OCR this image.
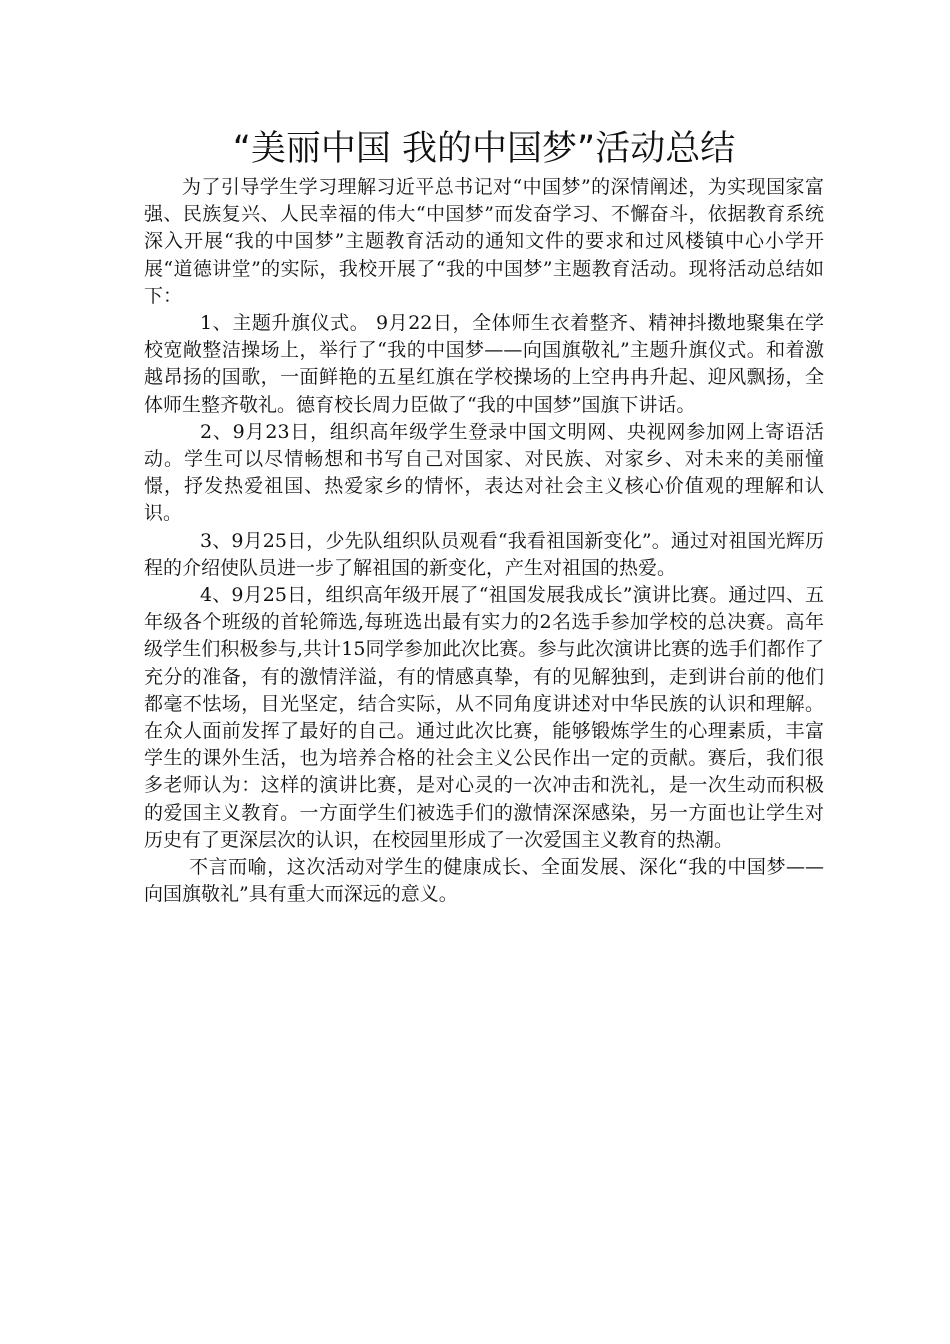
“美丽中国 我的中国梦”活动总结

为了引导学生学习理解习近平总书记对“中国梦”的深情阐述，为实现国家富强、民族复兴、人民幸福的伟大“中国梦”而发奋学习、不懈奋斗，依据教育系统深入开展“我的中国梦”主题教育活动的通知文件的要求和过风楼镇中心小学开展“道德讲堂”的实际，我校开展了“我的中国梦”主题教育活动。现将活动总结如下：

1、主题升旗仪式。 9月22日，全体师生衣着整齐、精神抖擞地聚集在学校宽敞整洁操场上，举行了“我的中国梦——向国旗敬礼”主题升旗仪式。和着激越昂扬的国歌，一面鲜艳的五星红旗在学校操场的上空冉冉升起、迎风飘扬，全体师生整齐敬礼。德育校长周力臣做了“我的中国梦”国旗下讲话。

2、9月23日，组织高年级学生登录中国文明网、央视网参加网上寄语活动。学生可以尽情畅想和书写自己对国家、对民族、对家乡、对未来的美丽憧憬，抒发热爱祖国、热爱家乡的情怀，表达对社会主义核心价值观的理解和认识。

3、9月25日，少先队组织队员观看“我看祖国新变化”。通过对祖国光辉历程的介绍使队员进一步了解祖国的新变化，产生对祖国的热爱。

4、9月25日，组织高年级开展了“祖国发展我成长”演讲比赛。通过四、五年级各个班级的首轮筛选,每班选出最有实力的2名选手参加学校的总决赛。高年级学生们积极参与,共计15同学参加此次比赛。参与此次演讲比赛的选手们都作了充分的准备，有的激情洋溢，有的情感真挚，有的见解独到，走到讲台前的他们都毫不怯场，目光坚定，结合实际，从不同角度讲述对中华民族的认识和理解。在众人面前发挥了最好的自己。通过此次比赛，能够锻炼学生的心理素质，丰富学生的课外生活，也为培养合格的社会主义公民作出一定的贡献。赛后，我们很多老师认为：这样的演讲比赛，是对心灵的一次冲击和洗礼，是一次生动而积极的爱国主义教育。一方面学生们被选手们的激情深深感染，另一方面也让学生对历史有了更深层次的认识，在校园里形成了一次爱国主义教育的热潮。

不言而喻，这次活动对学生的健康成长、全面发展、深化“我的中国梦——向国旗敬礼”具有重大而深远的意义。
